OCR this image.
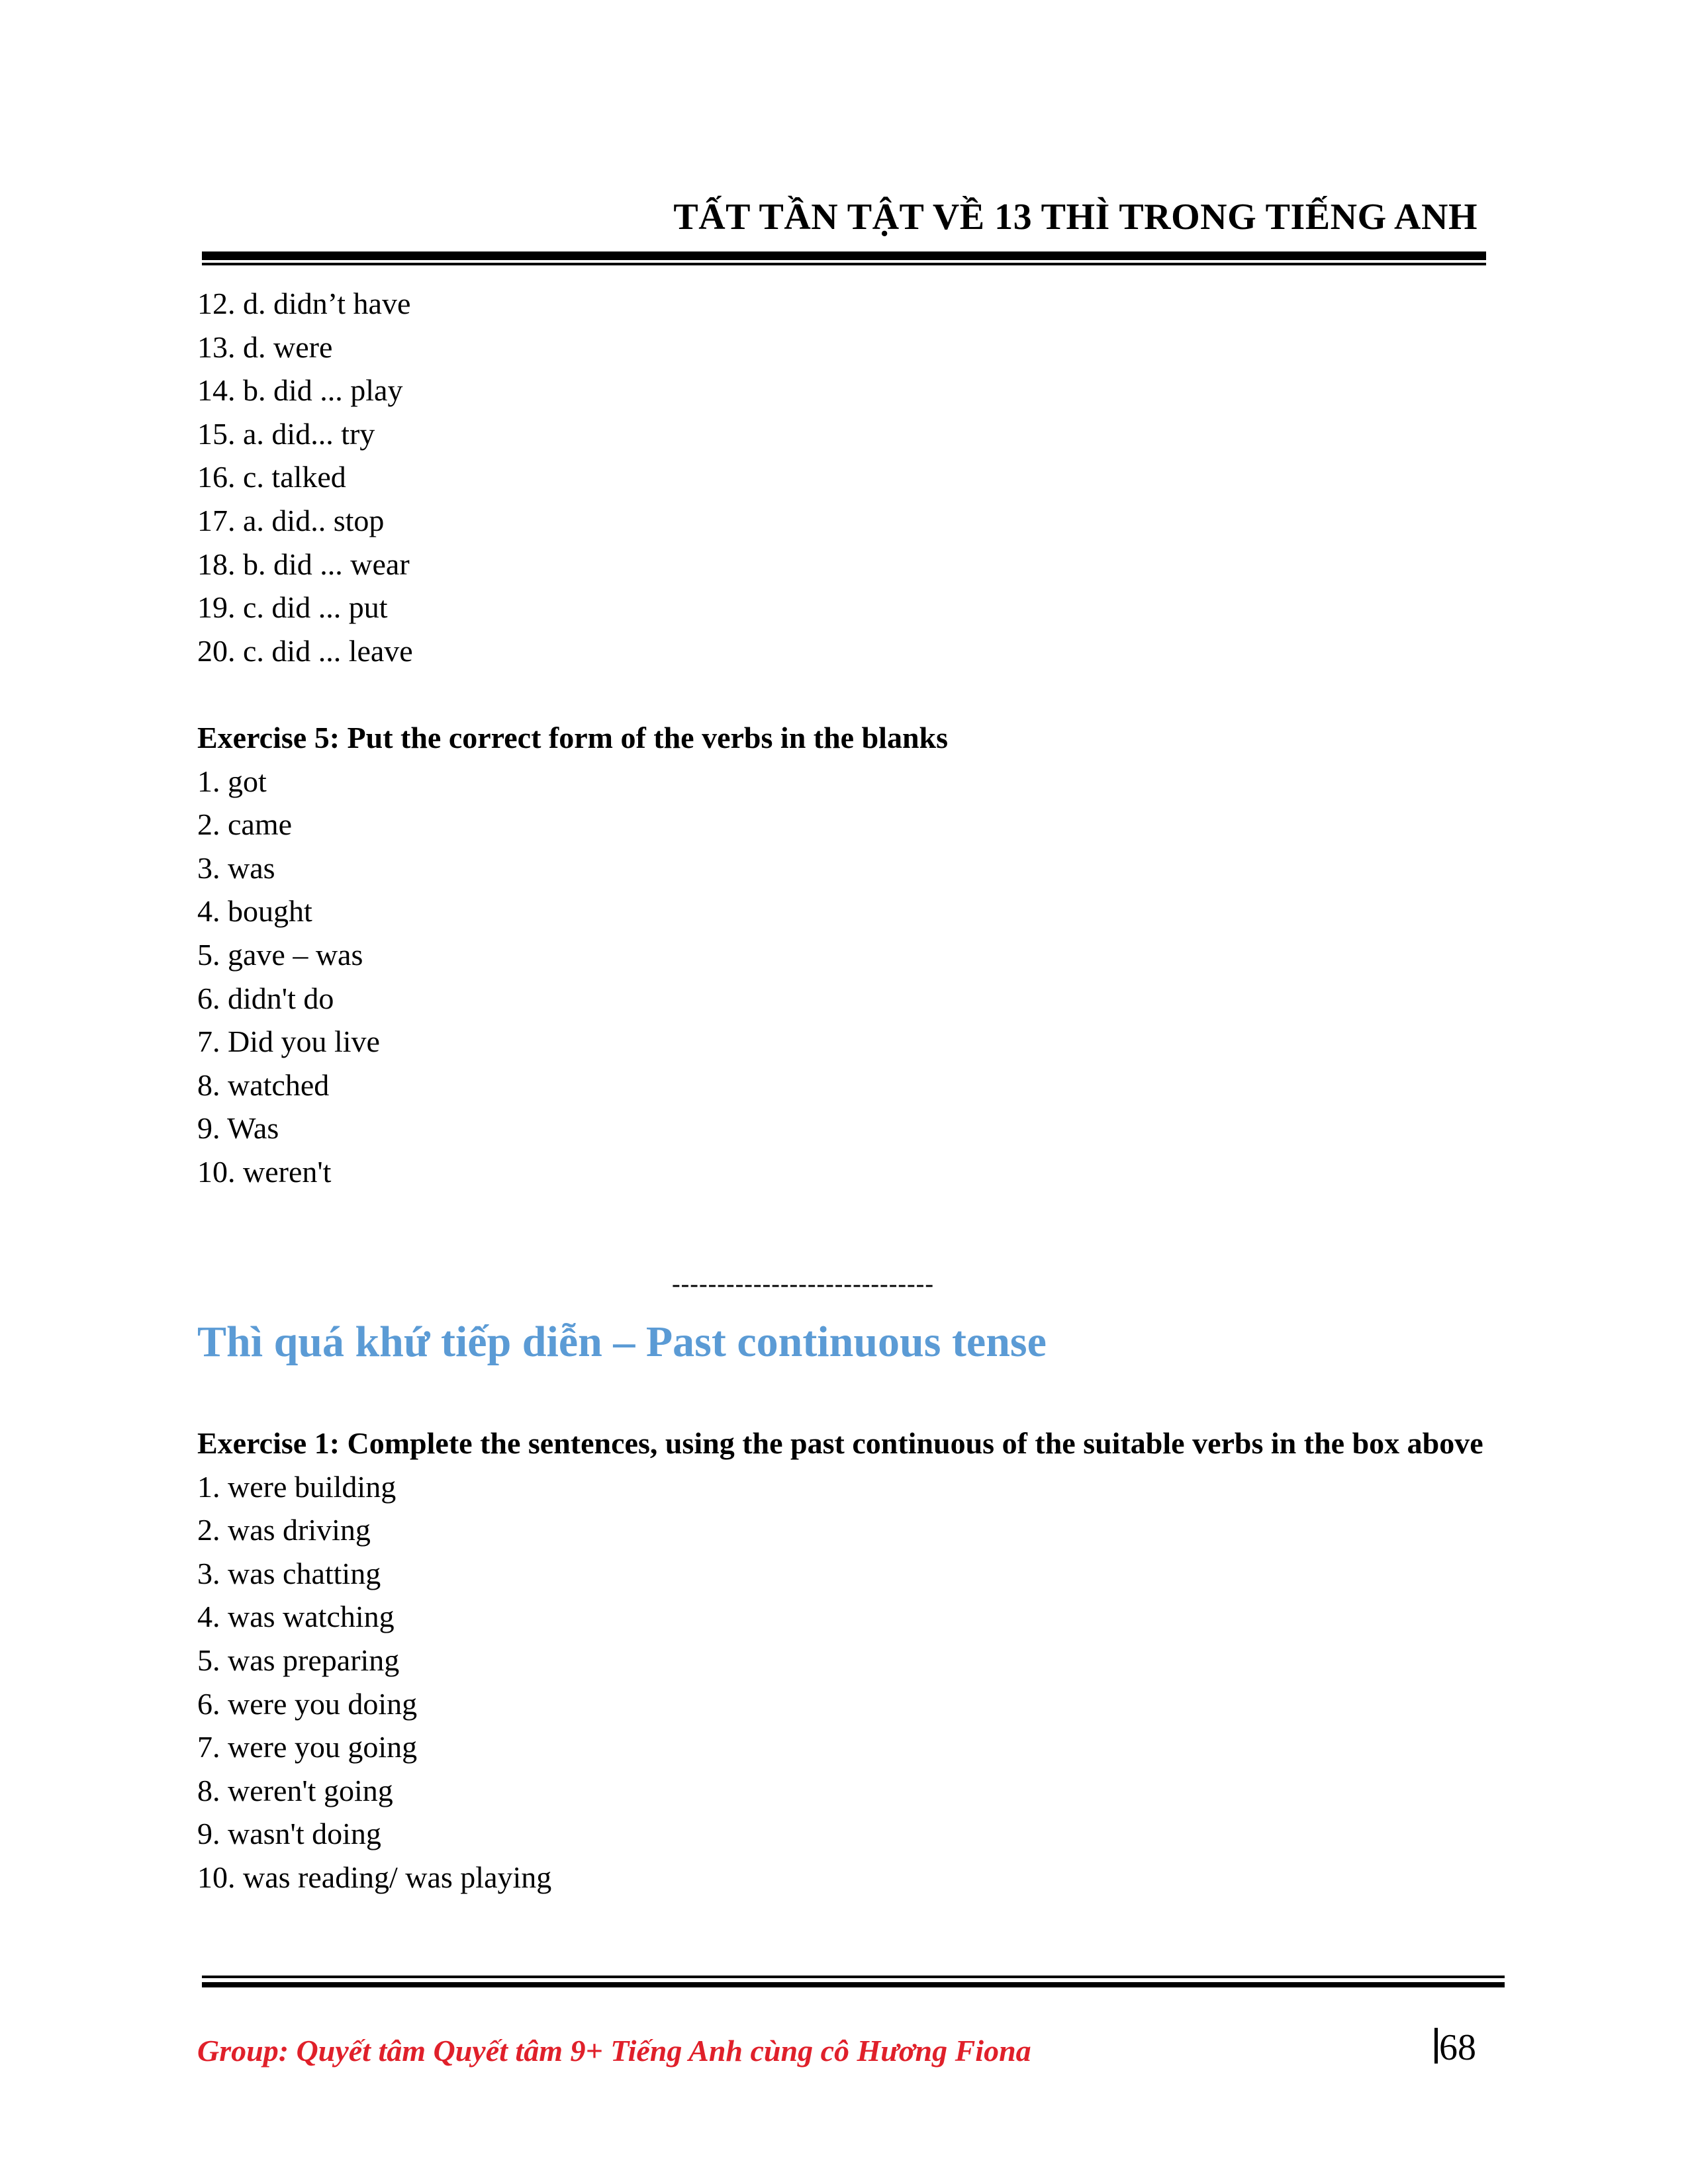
TẤT TẦN TẬT VỀ 13 THÌ TRONG TIẾNG ANH
12. d. didn’t have
13. d. were
14. b. did ... play
15. a. did... try
16. c. talked
17. a. did.. stop
18. b. did ... wear
19. c. did ... put
20. c. did ... leave
Exercise 5: Put the correct form of the verbs in the blanks
1. got
2. came
3. was
4. bought
5. gave – was
6. didn't do
7. Did you live
8. watched
9. Was
10. weren't
-----------------------------
Thì quá khứ tiếp diễn – Past continuous tense
Exercise 1: Complete the sentences, using the past continuous of the suitable verbs in the box above
1. were building
2. was driving
3. was chatting
4. was watching
5. was preparing
6. were you doing
7. were you going
8. weren't going
9. wasn't doing
10. was reading/ was playing
Group: Quyết tâm Quyết tâm 9+ Tiếng Anh cùng cô Hương Fiona	68
